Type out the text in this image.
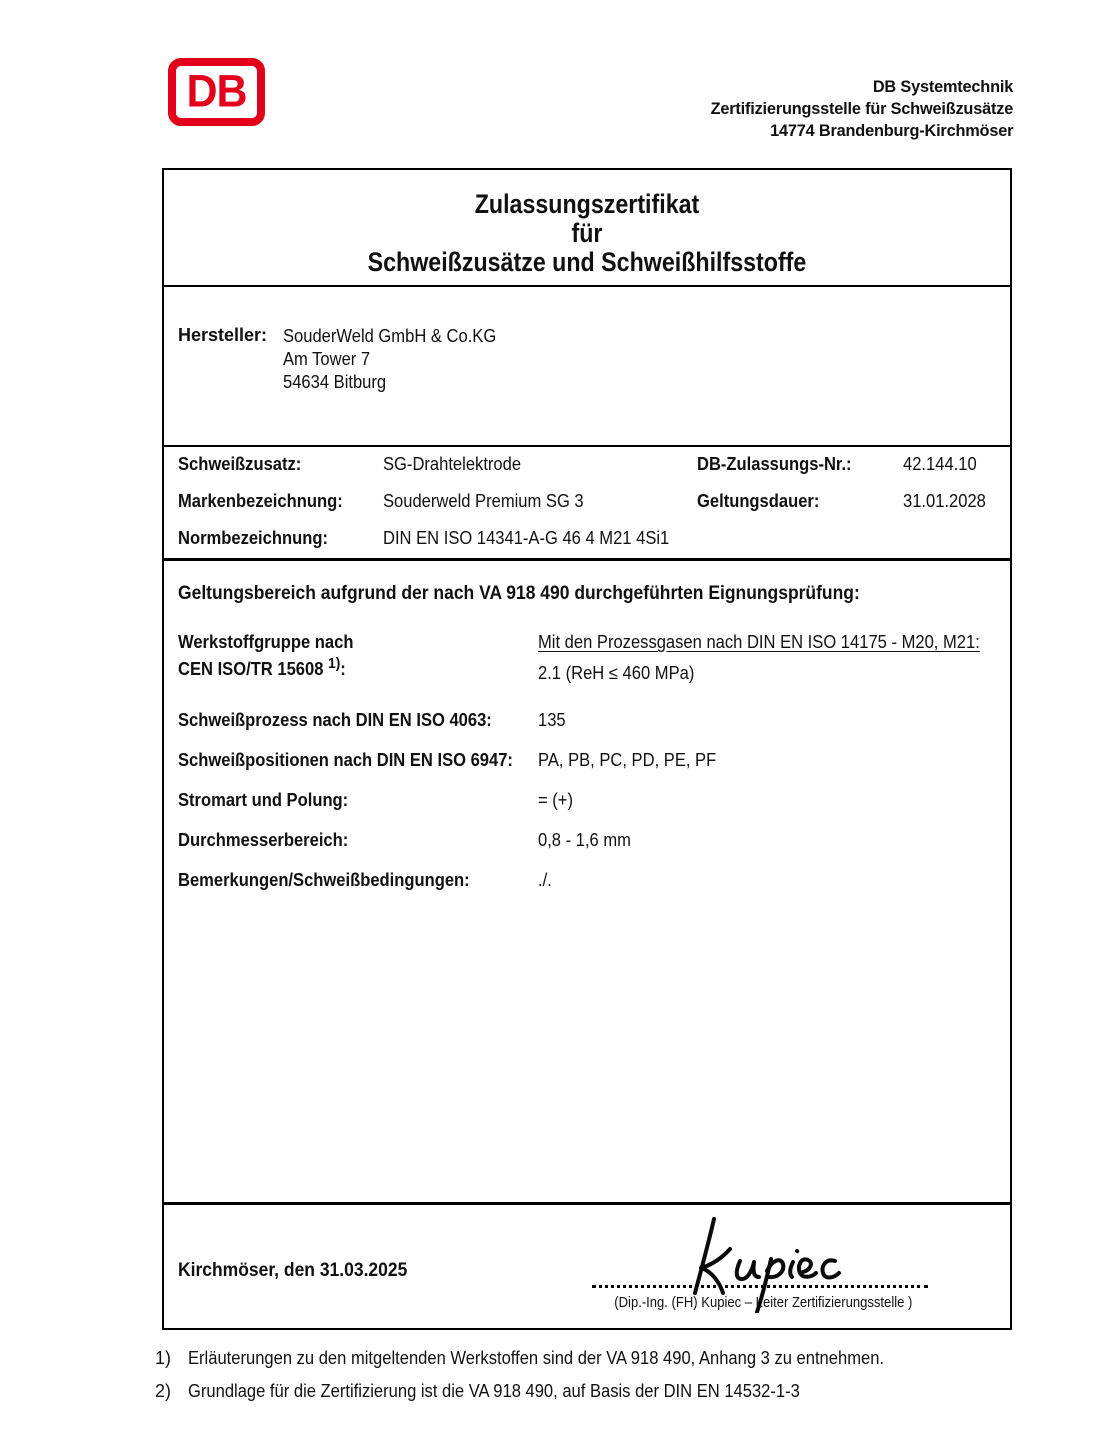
DB	DB Systemtechnik
Zertifizierungsstelle für Schweißzusätze
14774 Brandenburg-Kirchmöser
Zulassungszertifikat
für
Schweißzusätze und Schweißhilfsstoffe
Hersteller: SouderWeld GmbH & Co.KG
Am Tower 7
54634 Bitburg
Schweißzusatz:	SG-Drahtelektrode	DB-Zulassungs-Nr.:	42.144.10
Markenbezeichnung:	Souderweld Premium SG 3	Geltungsdauer:	31.01.2028
Normbezeichnung:	DIN EN ISO 14341-A-G 46 4 M21 4Si1
Geltungsbereich aufgrund der nach VA 918 490 durchgeführten Eignungsprüfung:
Werkstoffgruppe nach
CEN ISO/TR 15608 $^{1)}$:
Mit den Prozessgasen nach DIN EN ISO 14175 - M20, M21:
2.1 (ReH ≤ 460 MPa)
Schweißprozess nach DIN EN ISO 4063:	135
Schweißpositionen nach DIN EN ISO 6947:	PA, PB, PC, PD, PE, PF
Stromart und Polung:	= (+)
Durchmesserbereich:	0,8 - 1,6 mm
Bemerkungen/Schweißbedingungen:	./.
Kirchmöser, den 31.03.2025
(Dip.-Ing. (FH) Kupiec – Leiter Zertifizierungsstelle )
1) Erläuterungen zu den mitgeltenden Werkstoffen sind der VA 918 490, Anhang 3 zu entnehmen.
2) Grundlage für die Zertifizierung ist die VA 918 490, auf Basis der DIN EN 14532-1-3
